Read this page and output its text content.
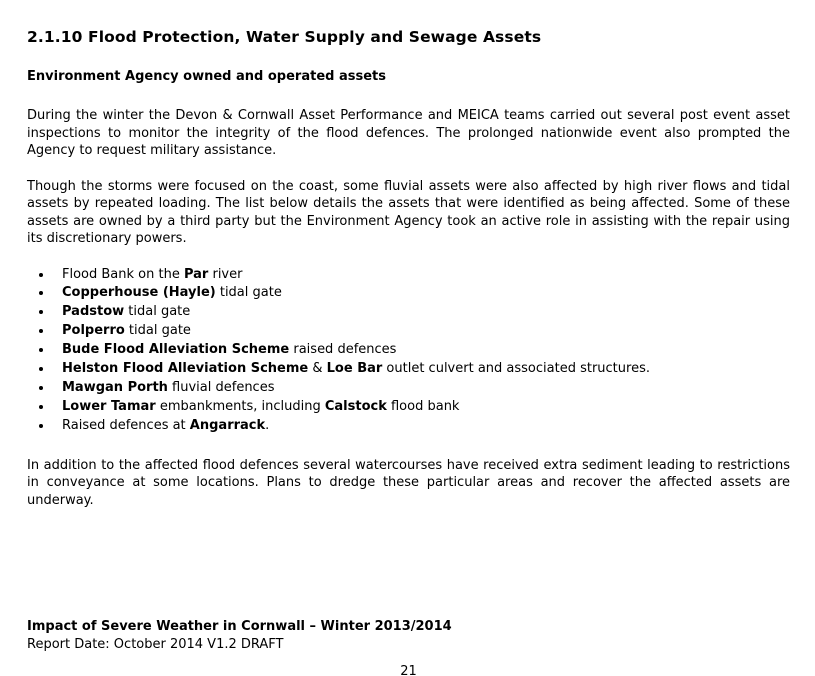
2.1.10 Flood Protection, Water Supply and Sewage Assets
Environment Agency owned and operated assets

During the winter the Devon & Cornwall Asset Performance and MEICA teams carried out several post event asset inspections to monitor the integrity of the flood defences. The prolonged nationwide event also prompted the Agency to request military assistance.

Though the storms were focused on the coast, some fluvial assets were also affected by high river flows and tidal assets by repeated loading. The list below details the assets that were identified as being affected. Some of these assets are owned by a third party but the Environment Agency took an active role in assisting with the repair using its discretionary powers.

• Flood Bank on the Par river
• Copperhouse (Hayle) tidal gate
• Padstow tidal gate
• Polperro tidal gate
• Bude Flood Alleviation Scheme raised defences
• Helston Flood Alleviation Scheme & Loe Bar outlet culvert and associated structures.
• Mawgan Porth fluvial defences
• Lower Tamar embankments, including Calstock flood bank
• Raised defences at Angarrack.

In addition to the affected flood defences several watercourses have received extra sediment leading to restrictions in conveyance at some locations. Plans to dredge these particular areas and recover the affected assets are underway.

Impact of Severe Weather in Cornwall – Winter 2013/2014
Report Date: October 2014 V1.2 DRAFT
21
